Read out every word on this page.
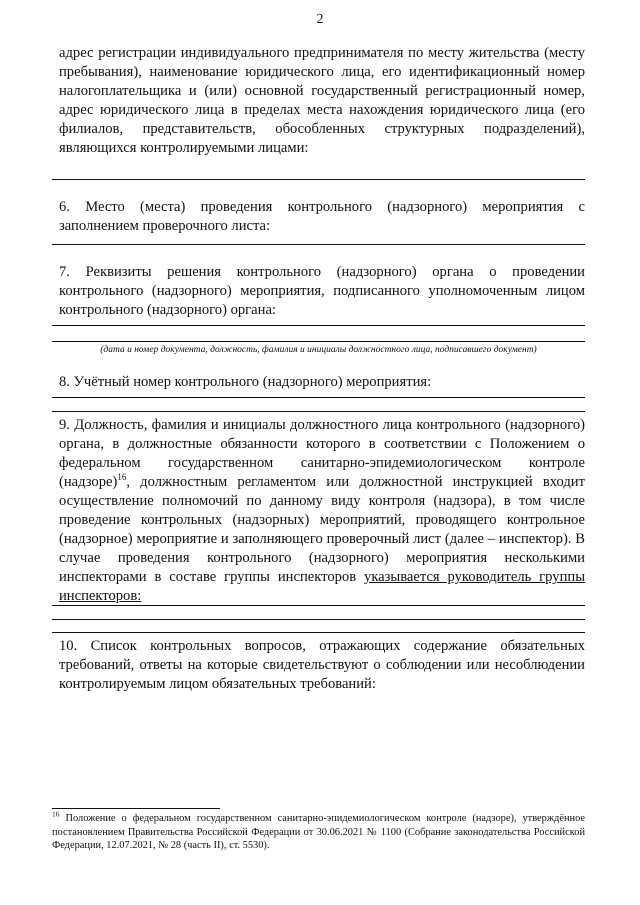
2
адрес регистрации индивидуального предпринимателя по месту жительства (месту пребывания), наименование юридического лица, его идентификационный номер налогоплательщика и (или) основной государственный регистрационный номер, адрес юридического лица в пределах места нахождения юридического лица (его филиалов, представительств, обособленных структурных подразделений), являющихся контролируемыми лицами:
6. Место (места) проведения контрольного (надзорного) мероприятия с заполнением проверочного листа:
7. Реквизиты решения контрольного (надзорного) органа о проведении контрольного (надзорного) мероприятия, подписанного уполномоченным лицом контрольного (надзорного) органа:
(дата и номер документа, должность, фамилия и инициалы должностного лица, подписавшего документ)
8. Учётный номер контрольного (надзорного) мероприятия:
9. Должность, фамилия и инициалы должностного лица контрольного (надзорного) органа, в должностные обязанности которого в соответствии с Положением о федеральном государственном санитарно-эпидемиологическом контроле (надзоре)$^{16}$, должностным регламентом или должностной инструкцией входит осуществление полномочий по данному виду контроля (надзора), в том числе проведение контрольных (надзорных) мероприятий, проводящего контрольное (надзорное) мероприятие и заполняющего проверочный лист (далее – инспектор). В случае проведения контрольного (надзорного) мероприятия несколькими инспекторами в составе группы инспекторов указывается руководитель группы инспекторов:
10. Список контрольных вопросов, отражающих содержание обязательных требований, ответы на которые свидетельствуют о соблюдении или несоблюдении контролируемым лицом обязательных требований:
$^{16}$ Положение о федеральном государственном санитарно-эпидемиологическом контроле (надзоре), утверждённое постановлением Правительства Российской Федерации от 30.06.2021 № 1100 (Собрание законодательства Российской Федерации, 12.07.2021, № 28 (часть II), ст. 5530).
